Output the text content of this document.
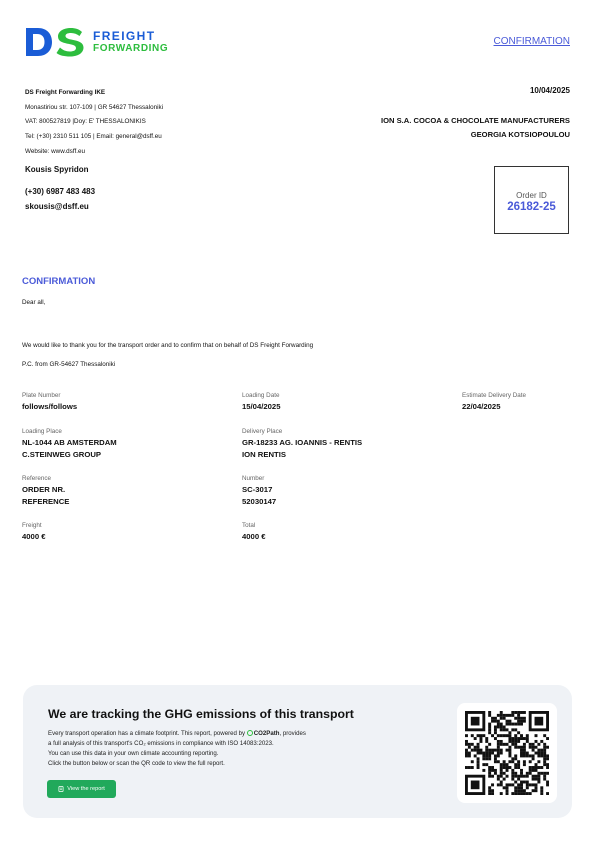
FREIGHT
FORWARDING
CONFIRMATION
DS Freight Forwarding IKE
Monastiriou str. 107-109 | GR 54627 Thessaloniki
VAT: 800527819 |Doy: E' THESSALONIKIS
Tel: (+30) 2310 511 105 | Email: general@dsff.eu
Website: www.dsff.eu
10/04/2025
ION S.A. COCOA & CHOCOLATE MANUFACTURERS
GEORGIA KOTSIOPOULOU
Kousis Spyridon
(+30) 6987 483 483
skousis@dsff.eu
Order ID
26182-25
CONFIRMATION
Dear all,
We would like to thank you for the transport order and to confirm that on behalf of DS Freight Forwarding
P.C. from GR-54627 Thessaloniki
Plate Number
follows/follows
Loading Date
15/04/2025
Estimate Delivery Date
22/04/2025
Loading Place
NL-1044 AB AMSTERDAM
C.STEINWEG GROUP
Delivery Place
GR-18233 AG. IOANNIS - RENTIS
ION RENTIS
Reference
ORDER NR.
REFERENCE
Number
SC-3017
52030147
Freight
4000 €
Total
4000 €
We are tracking the GHG emissions of this transport
Every transport operation has a climate footprint. This report, powered by CO2Path, provides
a full analysis of this transport's CO₂ emissions in compliance with ISO 14083:2023.
You can use this data in your own climate accounting reporting.
Click the button below or scan the QR code to view the full report.
View the report
